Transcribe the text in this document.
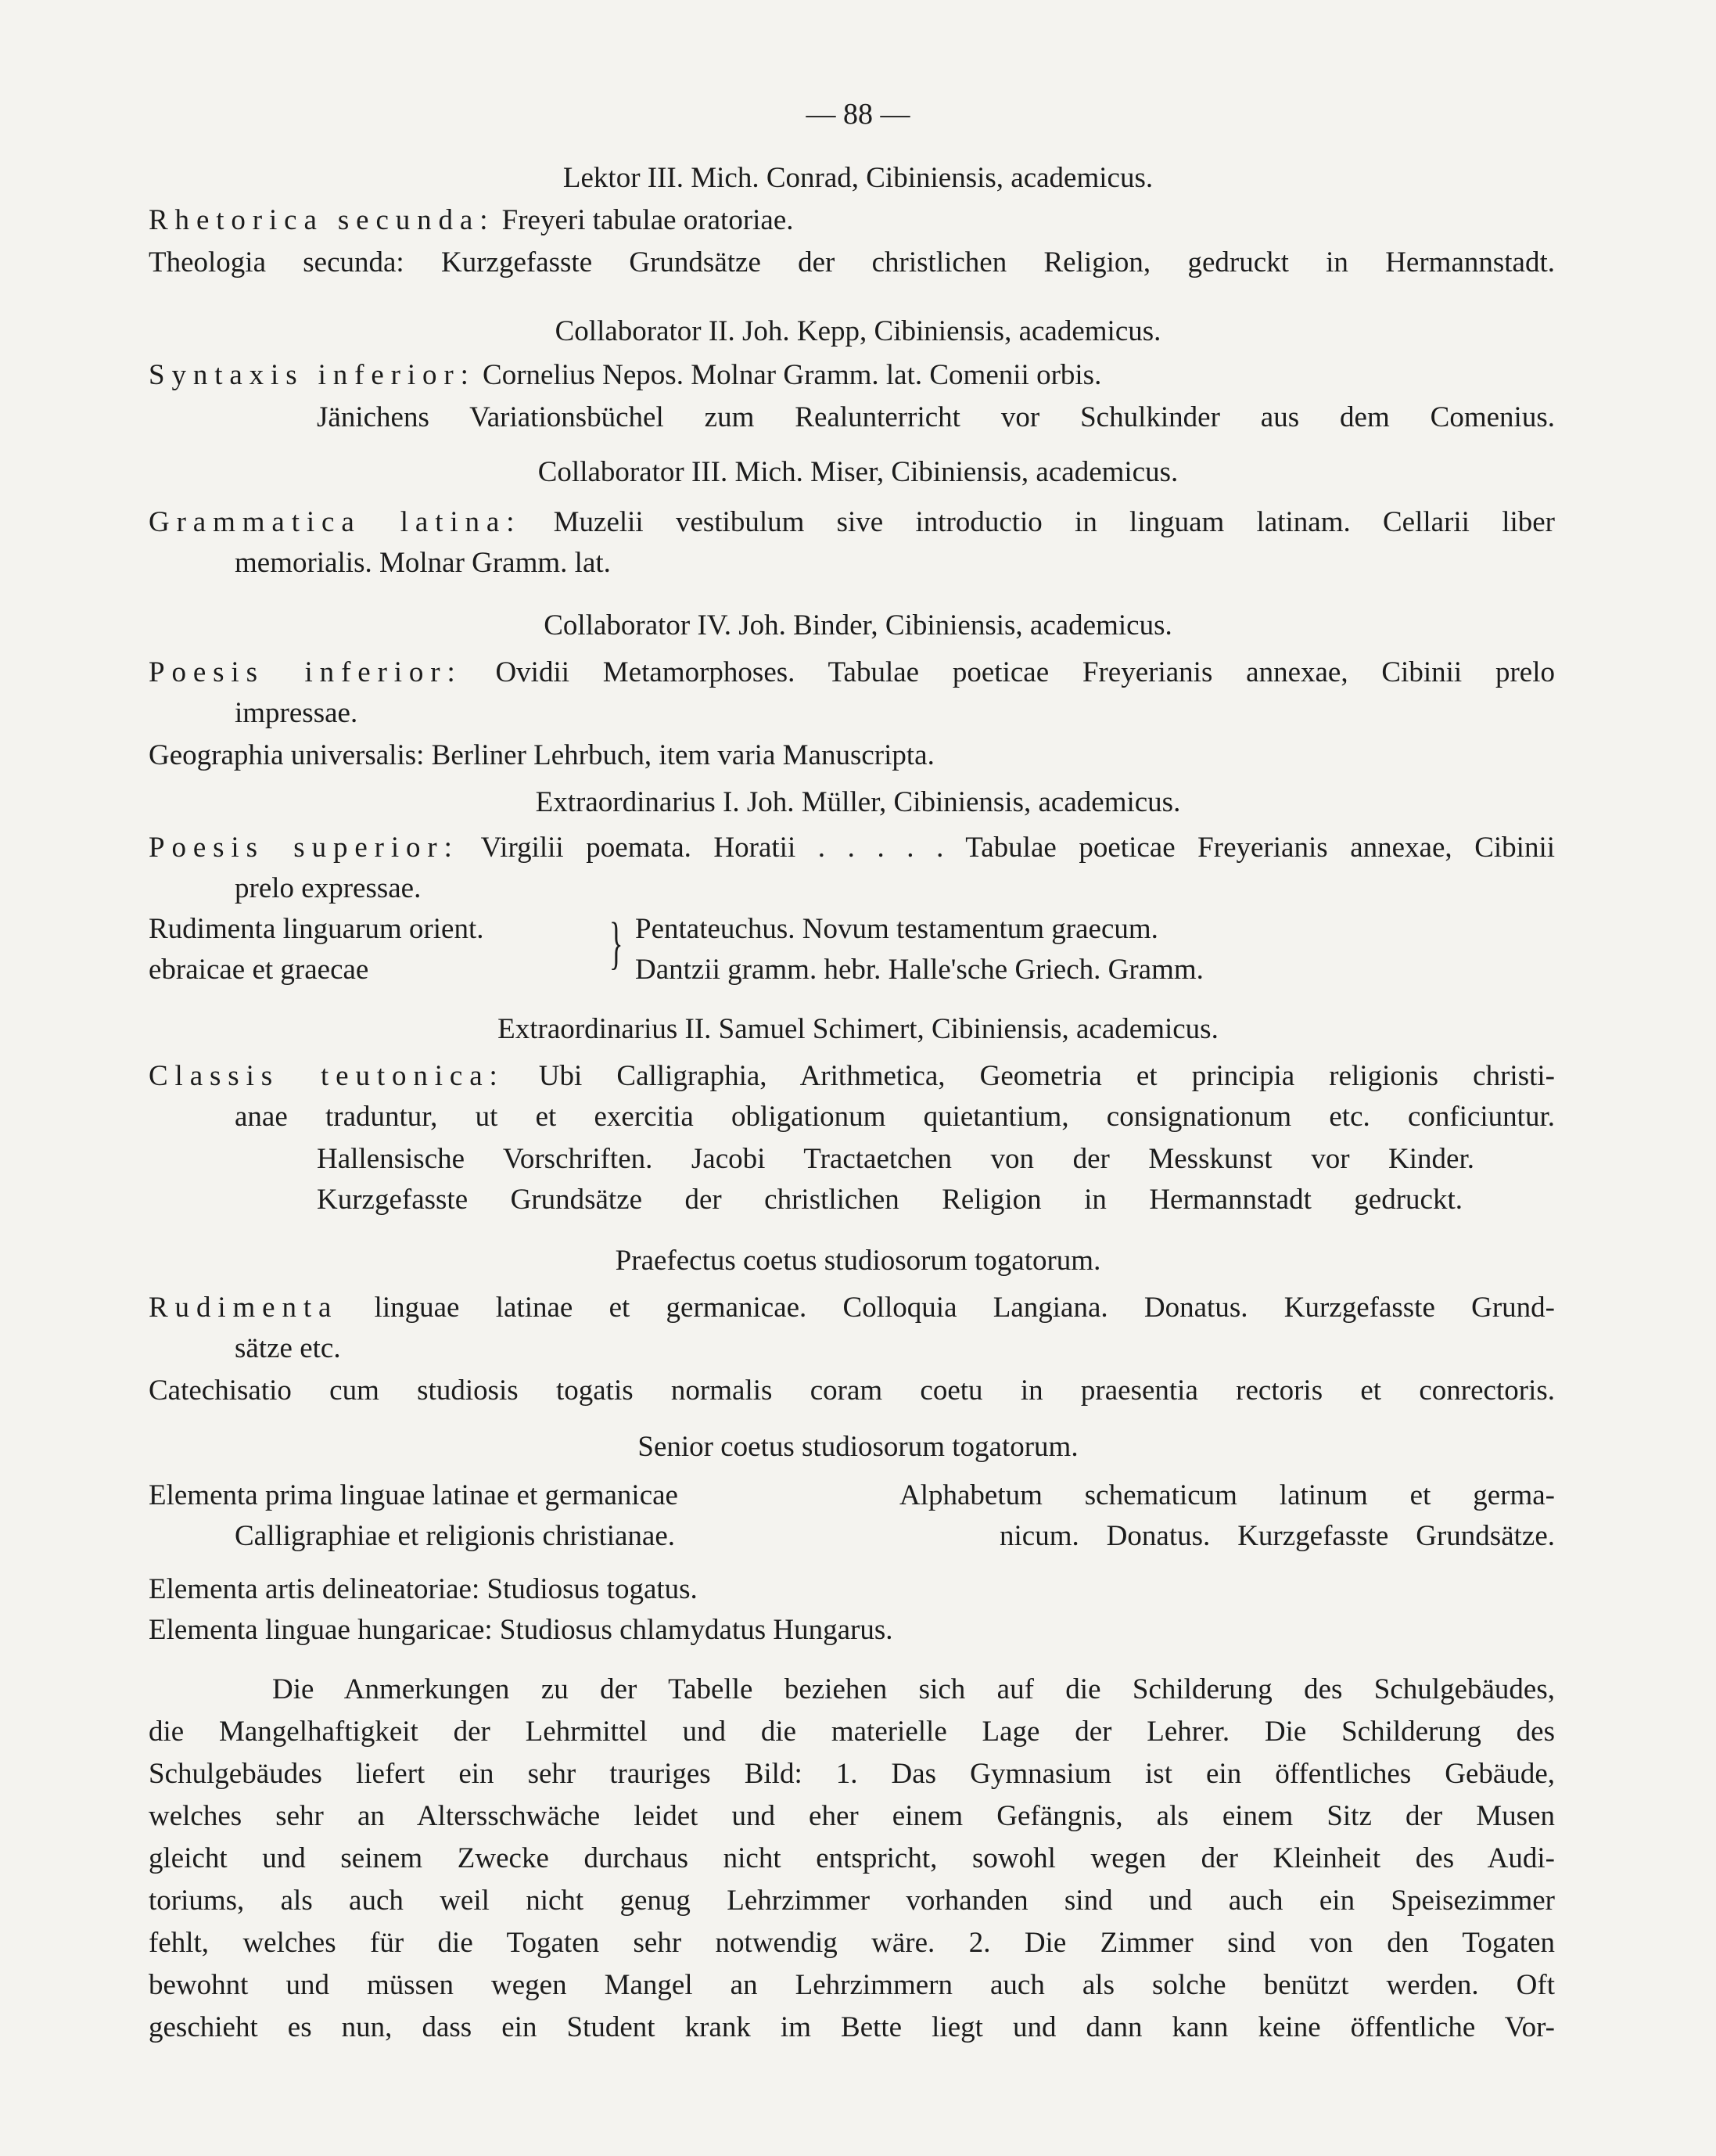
— 88 —
Lektor III. Mich. Conrad, Cibiniensis, academicus.
Rhetorica secunda: Freyeri tabulae oratoriae.
Theologia secunda: Kurzgefasste Grundsätze der christlichen Religion, gedruckt in Hermannstadt.
Collaborator II. Joh. Kepp, Cibiniensis, academicus.
Syntaxis inferior: Cornelius Nepos. Molnar Gramm. lat. Comenii orbis.
Jänichens Variationsbüchel zum Realunterricht vor Schulkinder aus dem Comenius.
Collaborator III. Mich. Miser, Cibiniensis, academicus.
Grammatica latina: Muzelii vestibulum sive introductio in linguam latinam. Cellarii liber
memorialis. Molnar Gramm. lat.
Collaborator IV. Joh. Binder, Cibiniensis, academicus.
Poesis inferior: Ovidii Metamorphoses. Tabulae poeticae Freyerianis annexae, Cibinii prelo
impressae.
Geographia universalis: Berliner Lehrbuch, item varia Manuscripta.
Extraordinarius I. Joh. Müller, Cibiniensis, academicus.
Poesis superior: Virgilii poemata. Horatii . . . . . Tabulae poeticae Freyerianis annexae, Cibinii
prelo expressae.
Rudimenta linguarum orient. } Pentateuchus. Novum testamentum graecum.
ebraicae et graecae	Dantzii gramm. hebr. Halle'sche Griech. Gramm.
Extraordinarius II. Samuel Schimert, Cibiniensis, academicus.
Classis teutonica: Ubi Calligraphia, Arithmetica, Geometria et principia religionis christi-
anae traduntur, ut et exercitia obligationum quietantium, consignationum etc. conficiuntur.
Hallensische Vorschriften. Jacobi Tractaetchen von der Messkunst vor Kinder.
Kurzgefasste Grundsätze der christlichen Religion in Hermannstadt gedruckt.
Praefectus coetus studiosorum togatorum.
Rudimenta linguae latinae et germanicae. Colloquia Langiana. Donatus. Kurzgefasste Grund-
sätze etc.
Catechisatio cum studiosis togatis normalis coram coetu in praesentia rectoris et conrectoris.
Senior coetus studiosorum togatorum.
Elementa prima linguae latinae et germanicae	Alphabetum schematicum latinum et germa-
Calligraphiae et religionis christianae.	nicum. Donatus. Kurzgefasste Grundsätze.
Elementa artis delineatoriae: Studiosus togatus.
Elementa linguae hungaricae: Studiosus chlamydatus Hungarus.
Die Anmerkungen zu der Tabelle beziehen sich auf die Schilderung des Schulgebäudes,
die Mangelhaftigkeit der Lehrmittel und die materielle Lage der Lehrer. Die Schilderung des
Schulgebäudes liefert ein sehr trauriges Bild: 1. Das Gymnasium ist ein öffentliches Gebäude,
welches sehr an Altersschwäche leidet und eher einem Gefängnis, als einem Sitz der Musen
gleicht und seinem Zwecke durchaus nicht entspricht, sowohl wegen der Kleinheit des Audi-
toriums, als auch weil nicht genug Lehrzimmer vorhanden sind und auch ein Speisezimmer
fehlt, welches für die Togaten sehr notwendig wäre. 2. Die Zimmer sind von den Togaten
bewohnt und müssen wegen Mangel an Lehrzimmern auch als solche benützt werden. Oft
geschieht es nun, dass ein Student krank im Bette liegt und dann kann keine öffentliche Vor-
